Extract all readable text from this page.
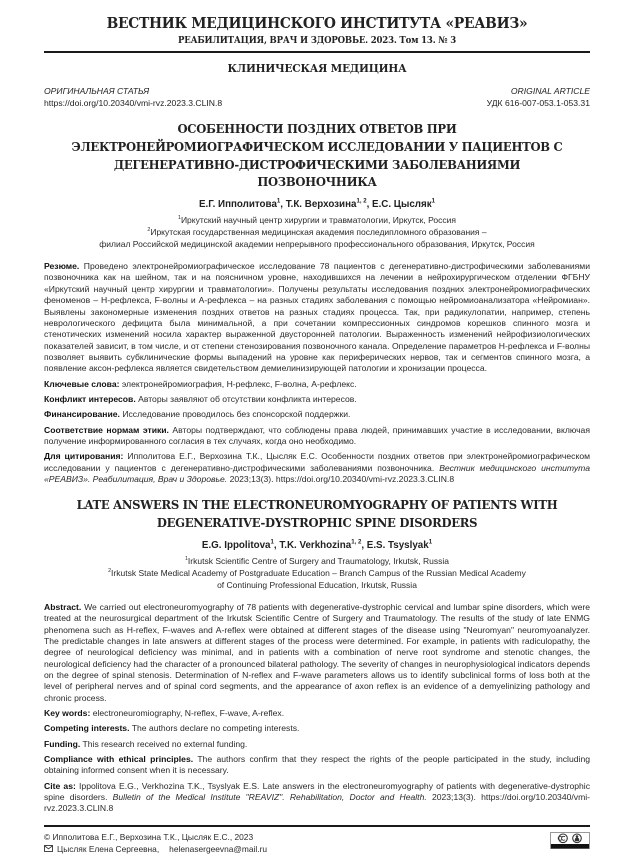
ВЕСТНИК МЕДИЦИНСКОГО ИНСТИТУТА «РЕАВИЗ»
РЕАБИЛИТАЦИЯ, ВРАЧ И ЗДОРОВЬЕ. 2023. Том 13. № 3
КЛИНИЧЕСКАЯ МЕДИЦИНА
ОРИГИНАЛЬНАЯ СТАТЬЯ
https://doi.org/10.20340/vmi-rvz.2023.3.CLIN.8
ORIGINAL ARTICLE
УДК 616-007-053.1-053.31
ОСОБЕННОСТИ ПОЗДНИХ ОТВЕТОВ ПРИ ЭЛЕКТРОНЕЙРОМИОГРАФИЧЕСКОМ ИССЛЕДОВАНИИ У ПАЦИЕНТОВ С ДЕГЕНЕРАТИВНО-ДИСТРОФИЧЕСКИМИ ЗАБОЛЕВАНИЯМИ ПОЗВОНОЧНИКА
Е.Г. Ипполитова$^1$, Т.К. Верхозина$^{1, 2}$, Е.С. Цысляк$^1$
$^1$Иркутский научный центр хирургии и травматологии, Иркутск, Россия
$^2$Иркутская государственная медицинская академия последипломного образования –
филиал Российской медицинской академии непрерывного профессионального образования, Иркутск, Россия

Резюме. Проведено электронейромиографическое исследование 78 пациентов с дегенеративно-дистрофическими заболеваниями позвоночника как на шейном, так и на поясничном уровне, находившихся на лечении в нейрохирургическом отделении ФГБНУ «Иркутский научный центр хирургии и травматологии». Получены результаты исследования поздних электронейромиографических феноменов – Н-рефлекса, F-волны и А-рефлекса – на разных стадиях заболевания с помощью нейромиоанализатора «Нейромиан». Выявлены закономерные изменения поздних ответов на разных стадиях процесса. Так, при радикулопатии, например, степень неврологического дефицита была минимальной, а при сочетании компрессионных синдромов корешков спинного мозга и стенотических изменений носила характер выраженной двусторонней патологии. Выраженность изменений нейрофизиологических показателей зависит, в том числе, и от степени стенозирования позвоночного канала. Определение параметров Н-рефлекса и F-волны позволяет выявить субклинические формы выпадений на уровне как периферических нервов, так и сегментов спинного мозга, а появление аксон-рефлекса является свидетельством демиелинизирующей патологии и хронизации процесса.

Ключевые слова: электронейромиография, Н-рефлекс, F-волна, А-рефлекс.

Конфликт интересов. Авторы заявляют об отсутствии конфликта интересов.

Финансирование. Исследование проводилось без спонсорской поддержки.

Соответствие нормам этики. Авторы подтверждают, что соблюдены права людей, принимавших участие в исследовании, включая получение информированного согласия в тех случаях, когда оно необходимо.

Для цитирования: Ипполитова Е.Г., Верхозина Т.К., Цысляк Е.С. Особенности поздних ответов при электронейромиографическом исследовании у пациентов с дегенеративно-дистрофическими заболеваниями позвоночника. Вестник медицинского института «РЕАВИЗ». Реабилитация, Врач и Здоровье. 2023;13(3). https://doi.org/10.20340/vmi-rvz.2023.3.CLIN.8

LATE ANSWERS IN THE ELECTRONEUROMYOGRAPHY OF PATIENTS WITH DEGENERATIVE-DYSTROPHIC SPINE DISORDERS
E.G. Ippolitova$^1$, T.K. Verkhozina$^{1, 2}$, E.S. Tsyslyak$^1$
$^1$Irkutsk Scientific Centre of Surgery and Traumatology, Irkutsk, Russia
$^2$Irkutsk State Medical Academy of Postgraduate Education – Branch Campus of the Russian Medical Academy
of Continuing Professional Education, Irkutsk, Russia

Abstract. We carried out electroneuromyography of 78 patients with degenerative-dystrophic cervical and lumbar spine disorders, which were treated at the neurosurgical department of the Irkutsk Scientific Centre of Surgery and Traumatology. The results of the study of late ENMG phenomena such as H-reflex, F-waves and A-reflex were obtained at different stages of the disease using "Neuromyan" neuromyoanalyzer. The predictable changes in late answers at different stages of the process were determined. For example, in patients with radiculopathy, the degree of neurological deficiency was minimal, and in patients with a combination of nerve root syndrome and stenotic changes, the neurological deficiency had the character of a pronounced bilateral pathology. The severity of changes in neurophysiological indicators depends on the degree of spinal stenosis. Determination of N-reflex and F-wave parameters allows us to identify subclinical forms of loss both at the level of peripheral nerves and of spinal cord segments, and the appearance of axon reflex is an evidence of a demyelinizing pathology and chronic process.

Key words: electroneuromiography, N-reflex, F-wave, A-reflex.

Competing interests. The authors declare no competing interests.

Funding. This research received no external funding.

Compliance with ethical principles. The authors confirm that they respect the rights of the people participated in the study, including obtaining informed consent when it is necessary.

Cite as: Ippolitova E.G., Verkhozina T.K., Tsyslyak E.S. Late answers in the electroneuromyography of patients with degenerative-dystrophic spine disorders. Bulletin of the Medical Institute "REAVIZ". Rehabilitation, Doctor and Health. 2023;13(3). https://doi.org/10.20340/vmi-rvz.2023.3.CLIN.8

© Ипполитова Е.Г., Верхозина Т.К., Цысляк Е.С., 2023
Цысляк Елена Сергеевна, helenasergeevna@mail.ru
